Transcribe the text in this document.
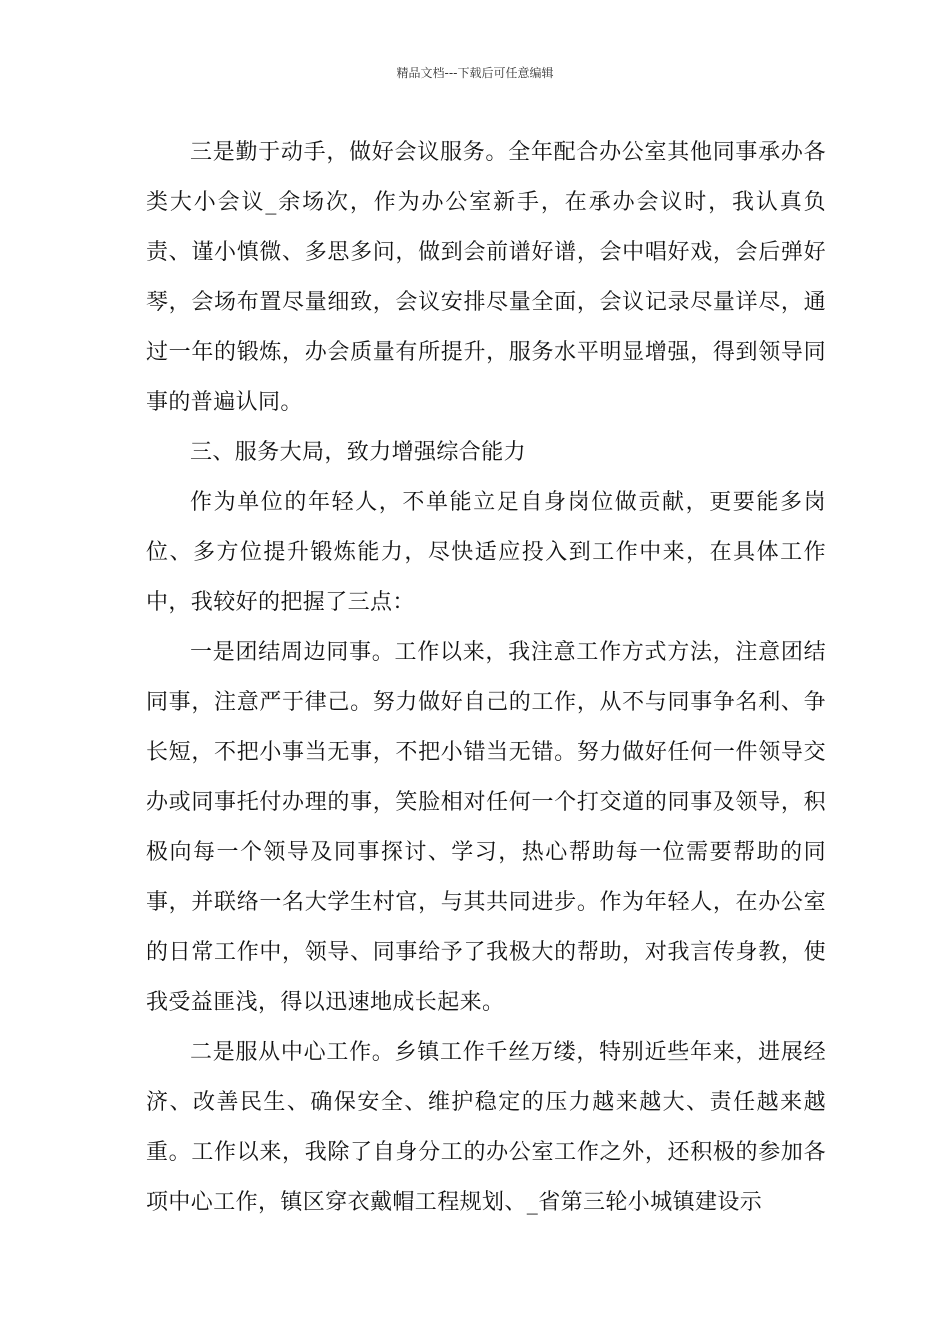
精品文档---下载后可任意编辑

三是勤于动手，做好会议服务。全年配合办公室其他同事承办各类大小会议_余场次，作为办公室新手，在承办会议时，我认真负责、谨小慎微、多思多问，做到会前谱好谱，会中唱好戏，会后弹好琴，会场布置尽量细致，会议安排尽量全面，会议记录尽量详尽，通过一年的锻炼，办会质量有所提升，服务水平明显增强，得到领导同事的普遍认同。

三、服务大局，致力增强综合能力

作为单位的年轻人，不单能立足自身岗位做贡献，更要能多岗位、多方位提升锻炼能力，尽快适应投入到工作中来，在具体工作中，我较好的把握了三点：

一是团结周边同事。工作以来，我注意工作方式方法，注意团结同事，注意严于律己。努力做好自己的工作，从不与同事争名利、争长短，不把小事当无事，不把小错当无错。努力做好任何一件领导交办或同事托付办理的事，笑脸相对任何一个打交道的同事及领导，积极向每一个领导及同事探讨、学习，热心帮助每一位需要帮助的同事，并联络一名大学生村官，与其共同进步。作为年轻人，在办公室的日常工作中，领导、同事给予了我极大的帮助，对我言传身教，使我受益匪浅，得以迅速地成长起来。

二是服从中心工作。乡镇工作千丝万缕，特别近些年来，进展经济、改善民生、确保安全、维护稳定的压力越来越大、责任越来越重。工作以来，我除了自身分工的办公室工作之外，还积极的参加各项中心工作，镇区穿衣戴帽工程规划、_省第三轮小城镇建设示
